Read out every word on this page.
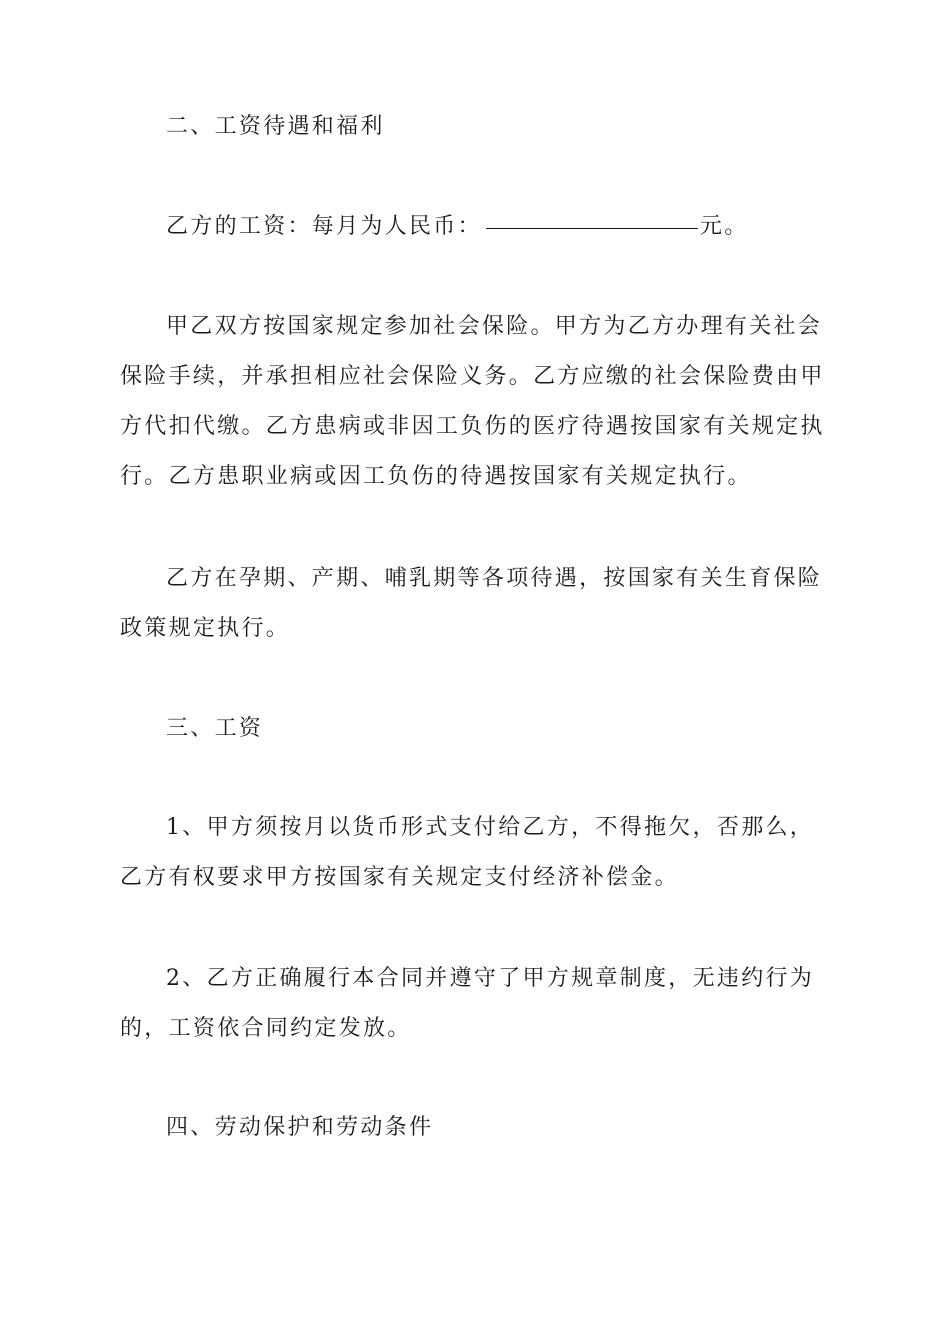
二、工资待遇和福利

乙方的工资：每月为人民币：	元。

甲乙双方按国家规定参加社会保险。甲方为乙方办理有关社会保险手续，并承担相应社会保险义务。乙方应缴的社会保险费由甲方代扣代缴。乙方患病或非因工负伤的医疗待遇按国家有关规定执行。乙方患职业病或因工负伤的待遇按国家有关规定执行。

乙方在孕期、产期、哺乳期等各项待遇，按国家有关生育保险政策规定执行。

三、工资

1、甲方须按月以货币形式支付给乙方，不得拖欠，否那么，乙方有权要求甲方按国家有关规定支付经济补偿金。

2、乙方正确履行本合同并遵守了甲方规章制度，无违约行为的，工资依合同约定发放。

四、劳动保护和劳动条件
